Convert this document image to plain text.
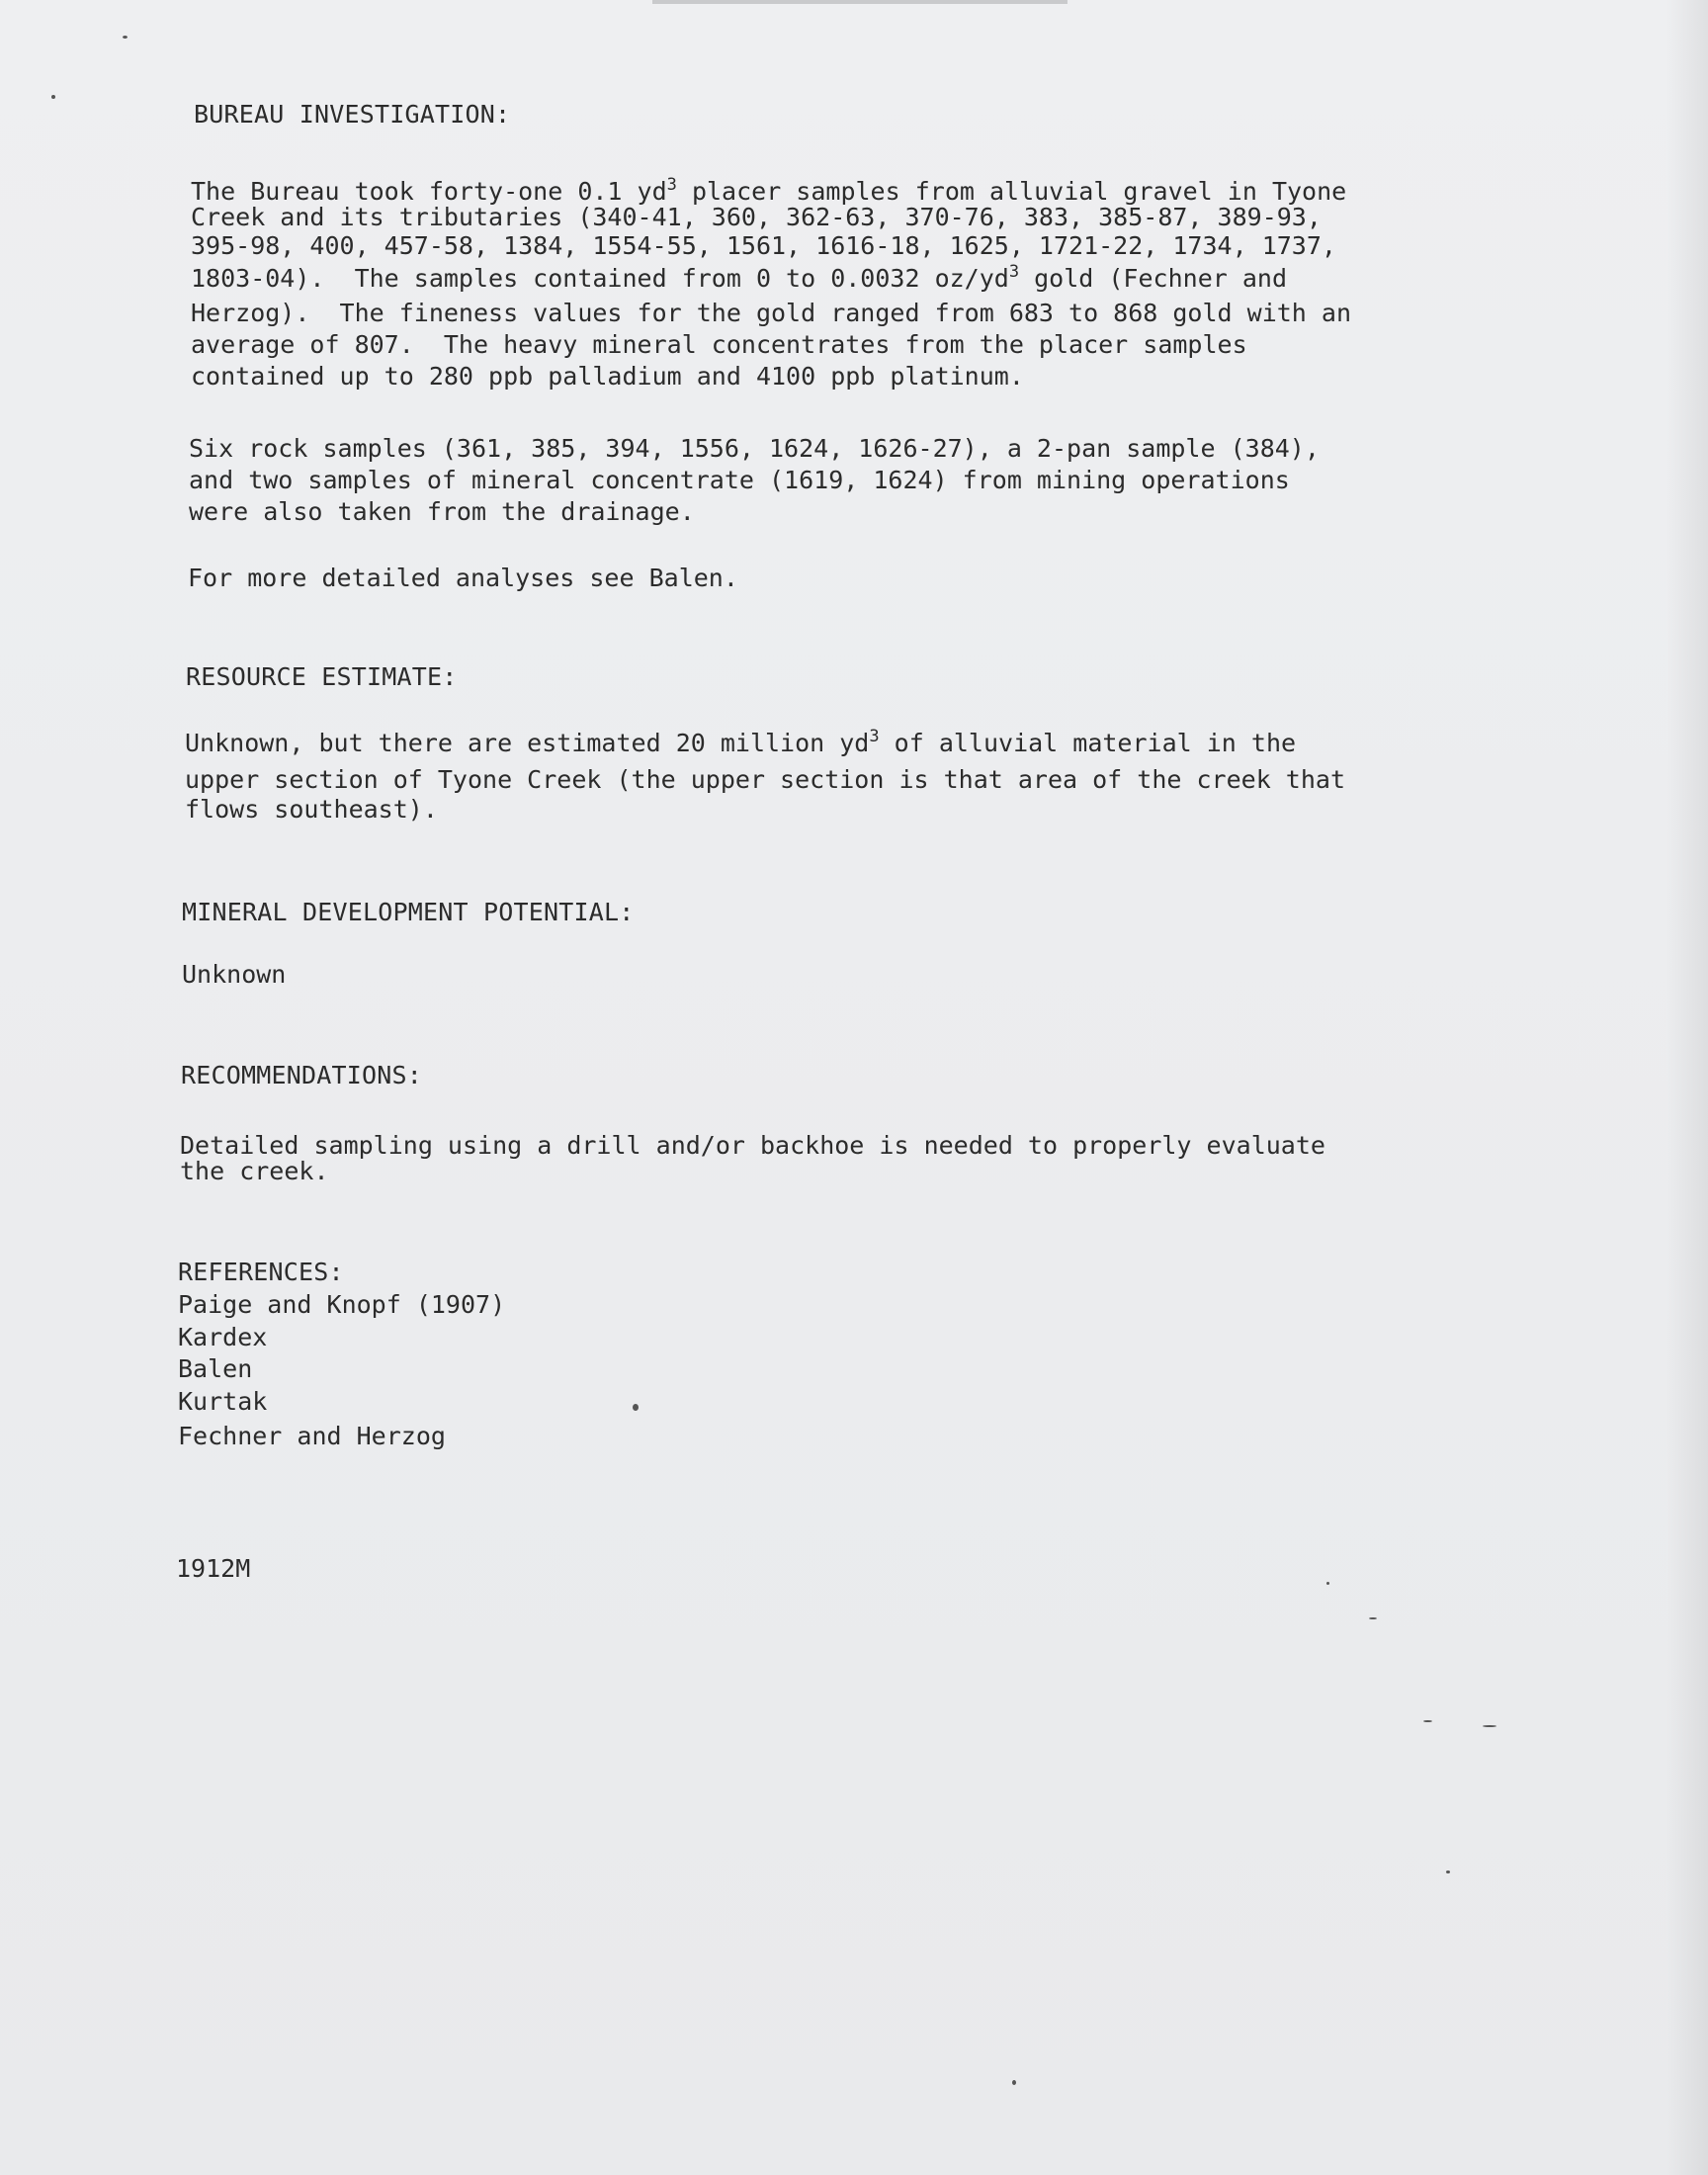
BUREAU INVESTIGATION:

The Bureau took forty-one 0.1 $yd^3$ placer samples from alluvial gravel in Tyone

Creek and its tributaries (340-41, 360, 362-63, 370-76, 383, 385-87, 389-93,

395-98, 400, 457-58, 1384, 1554-55, 1561, 1616-18, 1625, 1721-22, 1734, 1737,

1803-04).  The samples contained from 0 to 0.0032 $oz/yd^3$ gold (Fechner and

Herzog).  The fineness values for the gold ranged from 683 to 868 gold with an

average of 807.  The heavy mineral concentrates from the placer samples

contained up to 280 ppb palladium and 4100 ppb platinum.

Six rock samples (361, 385, 394, 1556, 1624, 1626-27), a 2-pan sample (384),

and two samples of mineral concentrate (1619, 1624) from mining operations

were also taken from the drainage.

For more detailed analyses see Balen.

RESOURCE ESTIMATE:

Unknown, but there are estimated 20 million $yd^3$ of alluvial material in the

upper section of Tyone Creek (the upper section is that area of the creek that

flows southeast).

MINERAL DEVELOPMENT POTENTIAL:

Unknown

RECOMMENDATIONS:

Detailed sampling using a drill and/or backhoe is needed to properly evaluate

the creek.

REFERENCES:

Paige and Knopf (1907)

Kardex

Balen

Kurtak

Fechner and Herzog

1912M
